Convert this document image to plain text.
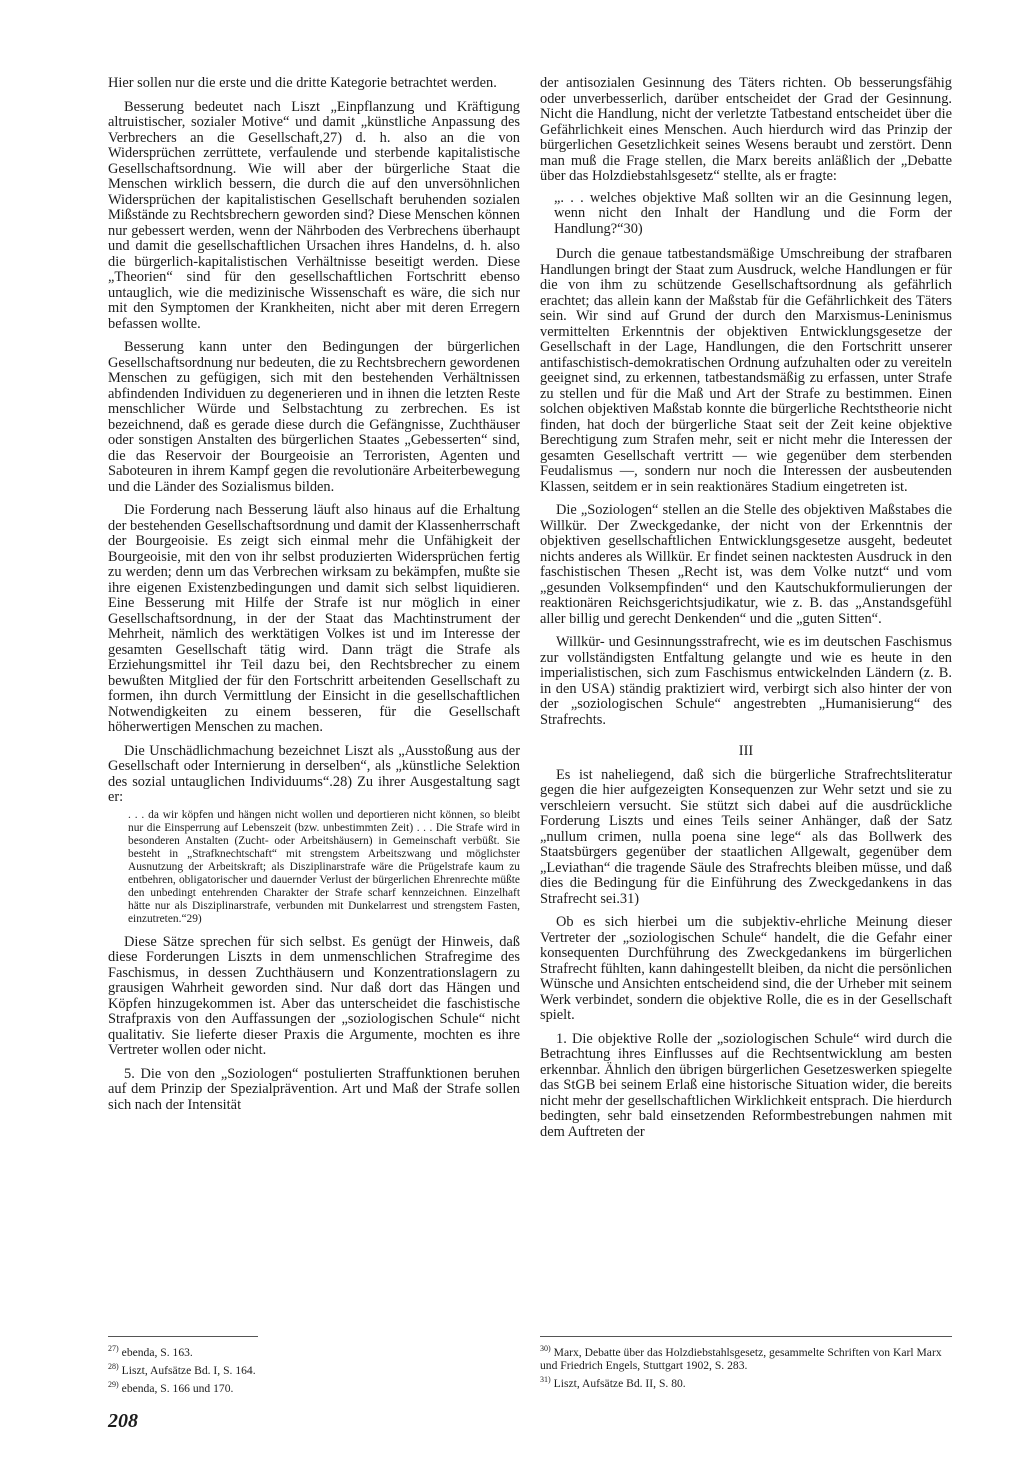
Hier sollen nur die erste und die dritte Kategorie betrachtet werden.

Besserung bedeutet nach Liszt „Einpflanzung und Kräftigung altruistischer, sozialer Motive“ und damit „künstliche Anpassung des Verbrechers an die Gesellschaft,27) d. h. also an die von Widersprüchen zerrüttete, verfaulende und sterbende kapitalistische Gesellschaftsordnung. Wie will aber der bürgerliche Staat die Menschen wirklich bessern, die durch die auf den unversöhnlichen Widersprüchen der kapitalistischen Gesellschaft beruhenden sozialen Mißstände zu Rechtsbrechern geworden sind? Diese Menschen können nur gebessert werden, wenn der Nährboden des Verbrechens überhaupt und damit die gesellschaftlichen Ursachen ihres Handelns, d. h. also die bürgerlich-kapitalistischen Verhältnisse beseitigt werden. Diese „Theorien“ sind für den gesellschaftlichen Fortschritt ebenso untauglich, wie die medizinische Wissenschaft es wäre, die sich nur mit den Symptomen der Krankheiten, nicht aber mit deren Erregern befassen wollte.

Besserung kann unter den Bedingungen der bürgerlichen Gesellschaftsordnung nur bedeuten, die zu Rechtsbrechern gewordenen Menschen zu gefügigen, sich mit den bestehenden Verhältnissen abfindenden Individuen zu degenerieren und in ihnen die letzten Reste menschlicher Würde und Selbstachtung zu zerbrechen. Es ist bezeichnend, daß es gerade diese durch die Gefängnisse, Zuchthäuser oder sonstigen Anstalten des bürgerlichen Staates „Gebesserten“ sind, die das Reservoir der Bourgeoisie an Terroristen, Agenten und Saboteuren in ihrem Kampf gegen die revolutionäre Arbeiterbewegung und die Länder des Sozialismus bilden.

Die Forderung nach Besserung läuft also hinaus auf die Erhaltung der bestehenden Gesellschaftsordnung und damit der Klassenherrschaft der Bourgeoisie. Es zeigt sich einmal mehr die Unfähigkeit der Bourgeoisie, mit den von ihr selbst produzierten Widersprüchen fertig zu werden; denn um das Verbrechen wirksam zu bekämpfen, mußte sie ihre eigenen Existenzbedingungen und damit sich selbst liquidieren. Eine Besserung mit Hilfe der Strafe ist nur möglich in einer Gesellschaftsordnung, in der der Staat das Machtinstrument der Mehrheit, nämlich des werktätigen Volkes ist und im Interesse der gesamten Gesellschaft tätig wird. Dann trägt die Strafe als Erziehungsmittel ihr Teil dazu bei, den Rechtsbrecher zu einem bewußten Mitglied der für den Fortschritt arbeitenden Gesellschaft zu formen, ihn durch Vermittlung der Einsicht in die gesellschaftlichen Notwendigkeiten zu einem besseren, für die Gesellschaft höherwertigen Menschen zu machen.

Die Unschädlichmachung bezeichnet Liszt als „Ausstoßung aus der Gesellschaft oder Internierung in derselben“, als „künstliche Selektion des sozial untauglichen Individuums“.28) Zu ihrer Ausgestaltung sagt er:

. . . da wir köpfen und hängen nicht wollen und deportieren nicht können, so bleibt nur die Einsperrung auf Lebenszeit (bzw. unbestimmten Zeit) . . . Die Strafe wird in besonderen Anstalten (Zucht- oder Arbeitshäusern) in Gemeinschaft verbüßt. Sie besteht in „Strafknechtschaft“ mit strengstem Arbeitszwang und möglichster Ausnutzung der Arbeitskraft; als Disziplinarstrafe wäre die Prügelstrafe kaum zu entbehren, obligatorischer und dauernder Verlust der bürgerlichen Ehrenrechte müßte den unbedingt entehrenden Charakter der Strafe scharf kennzeichnen. Einzelhaft hätte nur als Disziplinarstrafe, verbunden mit Dunkelarrest und strengstem Fasten, einzutreten.“29)

Diese Sätze sprechen für sich selbst. Es genügt der Hinweis, daß diese Forderungen Liszts in dem unmenschlichen Strafregime des Faschismus, in dessen Zuchthäusern und Konzentrationslagern zu grausigen Wahrheit geworden sind. Nur daß dort das Hängen und Köpfen hinzugekommen ist. Aber das unterscheidet die faschistische Strafpraxis von den Auffassungen der „soziologischen Schule“ nicht qualitativ. Sie lieferte dieser Praxis die Argumente, mochten es ihre Vertreter wollen oder nicht.

5. Die von den „Soziologen“ postulierten Straffunktionen beruhen auf dem Prinzip der Spezialprävention. Art und Maß der Strafe sollen sich nach der Intensität

der antisozialen Gesinnung des Täters richten. Ob besserungsfähig oder unverbesserlich, darüber entscheidet der Grad der Gesinnung. Nicht die Handlung, nicht der verletzte Tatbestand entscheidet über die Gefährlichkeit eines Menschen. Auch hierdurch wird das Prinzip der bürgerlichen Gesetzlichkeit seines Wesens beraubt und zerstört. Denn man muß die Frage stellen, die Marx bereits anläßlich der „Debatte über das Holzdiebstahlsgesetz“ stellte, als er fragte:

„. . . welches objektive Maß sollten wir an die Gesinnung legen, wenn nicht den Inhalt der Handlung und die Form der Handlung?“30)

Durch die genaue tatbestandsmäßige Umschreibung der strafbaren Handlungen bringt der Staat zum Ausdruck, welche Handlungen er für die von ihm zu schützende Gesellschaftsordnung als gefährlich erachtet; das allein kann der Maßstab für die Gefährlichkeit des Täters sein. Wir sind auf Grund der durch den Marxismus-Leninismus vermittelten Erkenntnis der objektiven Entwicklungsgesetze der Gesellschaft in der Lage, Handlungen, die den Fortschritt unserer antifaschistisch-demokratischen Ordnung aufzuhalten oder zu vereiteln geeignet sind, zu erkennen, tatbestandsmäßig zu erfassen, unter Strafe zu stellen und für die Maß und Art der Strafe zu bestimmen. Einen solchen objektiven Maßstab konnte die bürgerliche Rechtstheorie nicht finden, hat doch der bürgerliche Staat seit der Zeit keine objektive Berechtigung zum Strafen mehr, seit er nicht mehr die Interessen der gesamten Gesellschaft vertritt — wie gegenüber dem sterbenden Feudalismus —, sondern nur noch die Interessen der ausbeutenden Klassen, seitdem er in sein reaktionäres Stadium eingetreten ist.

Die „Soziologen“ stellen an die Stelle des objektiven Maßstabes die Willkür. Der Zweckgedanke, der nicht von der Erkenntnis der objektiven gesellschaftlichen Entwicklungsgesetze ausgeht, bedeutet nichts anderes als Willkür. Er findet seinen nacktesten Ausdruck in den faschistischen Thesen „Recht ist, was dem Volke nutzt“ und vom „gesunden Volksempfinden“ und den Kautschukformulierungen der reaktionären Reichsgerichtsjudikatur, wie z. B. das „Anstandsgefühl aller billig und gerecht Denkenden“ und die „guten Sitten“.

Willkür- und Gesinnungsstrafrecht, wie es im deutschen Faschismus zur vollständigsten Entfaltung gelangte und wie es heute in den imperialistischen, sich zum Faschismus entwickelnden Ländern (z. B. in den USA) ständig praktiziert wird, verbirgt sich also hinter der von der „soziologischen Schule“ angestrebten „Humanisierung“ des Strafrechts.

III

Es ist naheliegend, daß sich die bürgerliche Strafrechtsliteratur gegen die hier aufgezeigten Konsequenzen zur Wehr setzt und sie zu verschleiern versucht. Sie stützt sich dabei auf die ausdrückliche Forderung Liszts und eines Teils seiner Anhänger, daß der Satz „nullum crimen, nulla poena sine lege“ als das Bollwerk des Staatsbürgers gegenüber der staatlichen Allgewalt, gegenüber dem „Leviathan“ die tragende Säule des Strafrechts bleiben müsse, und daß dies die Bedingung für die Einführung des Zweckgedankens in das Strafrecht sei.31)

Ob es sich hierbei um die subjektiv-ehrliche Meinung dieser Vertreter der „soziologischen Schule“ handelt, die die Gefahr einer konsequenten Durchführung des Zweckgedankens im bürgerlichen Strafrecht fühlten, kann dahingestellt bleiben, da nicht die persönlichen Wünsche und Ansichten entscheidend sind, die der Urheber mit seinem Werk verbindet, sondern die objektive Rolle, die es in der Gesellschaft spielt.

1. Die objektive Rolle der „soziologischen Schule“ wird durch die Betrachtung ihres Einflusses auf die Rechtsentwicklung am besten erkennbar. Ähnlich den übrigen bürgerlichen Gesetzeswerken spiegelte das StGB bei seinem Erlaß eine historische Situation wider, die bereits nicht mehr der gesellschaftlichen Wirklichkeit entsprach. Die hierdurch bedingten, sehr bald einsetzenden Reformbestrebungen nahmen mit dem Auftreten der

$^{27)}$ ebenda, S. 163.
$^{28)}$ Liszt, Aufsätze Bd. I, S. 164.
$^{29)}$ ebenda, S. 166 und 170.
$^{30)}$ Marx, Debatte über das Holzdiebstahlsgesetz, gesammelte Schriften von Karl Marx und Friedrich Engels, Stuttgart 1902, S. 283.
$^{31)}$ Liszt, Aufsätze Bd. II, S. 80.
208
